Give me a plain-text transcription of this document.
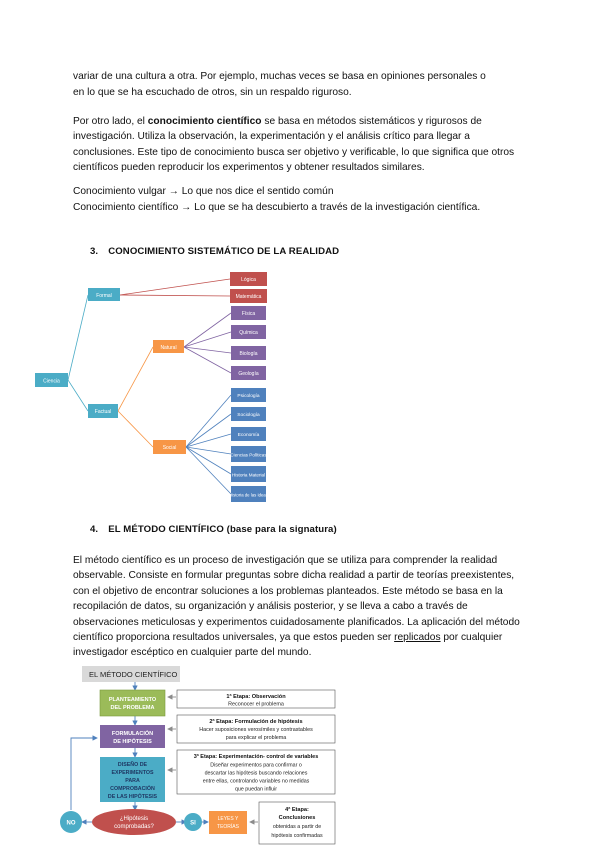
variar de una cultura a otra. Por ejemplo, muchas veces se basa en opiniones personales o

en lo que se ha escuchado de otros, sin un respaldo riguroso.

Por otro lado, el conocimiento científico se basa en métodos sistemáticos y rigurosos de investigación. Utiliza la observación, la experimentación y el análisis crítico para llegar a conclusiones. Este tipo de conocimiento busca ser objetivo y verificable, lo que significa que otros científicos pueden reproducir los experimentos y obtener resultados similares.

Conocimiento vulgar → Lo que nos dice el sentido común

Conocimiento científico → Lo que se ha descubierto a través de la investigación científica.

3. CONOCIMIENTO SISTEMÁTICO DE LA REALIDAD
Ciencia
Formal
Factual
Natural
Social
Lógica
Matemática
Física
Química
Biología
Geología
Psicología
Sociología
Economía
Ciencias Políticas
Historia Material
Historia de las Ideas
4. EL MÉTODO CIENTÍFICO (base para la signatura)

El método científico es un proceso de investigación que se utiliza para comprender la realidad observable. Consiste en formular preguntas sobre dicha realidad a partir de teorías preexistentes, con el objetivo de encontrar soluciones a los problemas planteados. Este método se basa en la recopilación de datos, su organización y análisis posterior, y se lleva a cabo a través de observaciones meticulosas y experimentos cuidadosamente planificados. La aplicación del método científico proporciona resultados universales, ya que estos pueden ser replicados por cualquier investigador escéptico en cualquier parte del mundo.

EL MÉTODO CIENTÍFICO
PLANTEAMIENTO
DEL PROBLEMA
FORMULACIÓN
DE HIPÓTESIS
DISEÑO DE
EXPERIMENTOS
PARA
COMPROBACIÓN
DE LAS HIPÓTESIS
¿Hipótesis
comprobadas?
NO	SI
LEYES Y
TEORÍAS
1ª Etapa: Observación
Reconocer el problema
2ª Etapa: Formulación de hipótesis
Hacer suposiciones verosímiles y contrastables
para explicar el problema
3ª Etapa: Experimentación- control de variables
Diseñar experimentos para confirmar o
descartar las hipótesis buscando relaciones
entre ellas, controlando variables no medidas
que puedan influir
4ª Etapa:
Conclusiones
obtenidas a partir de
hipótesis confirmadas
